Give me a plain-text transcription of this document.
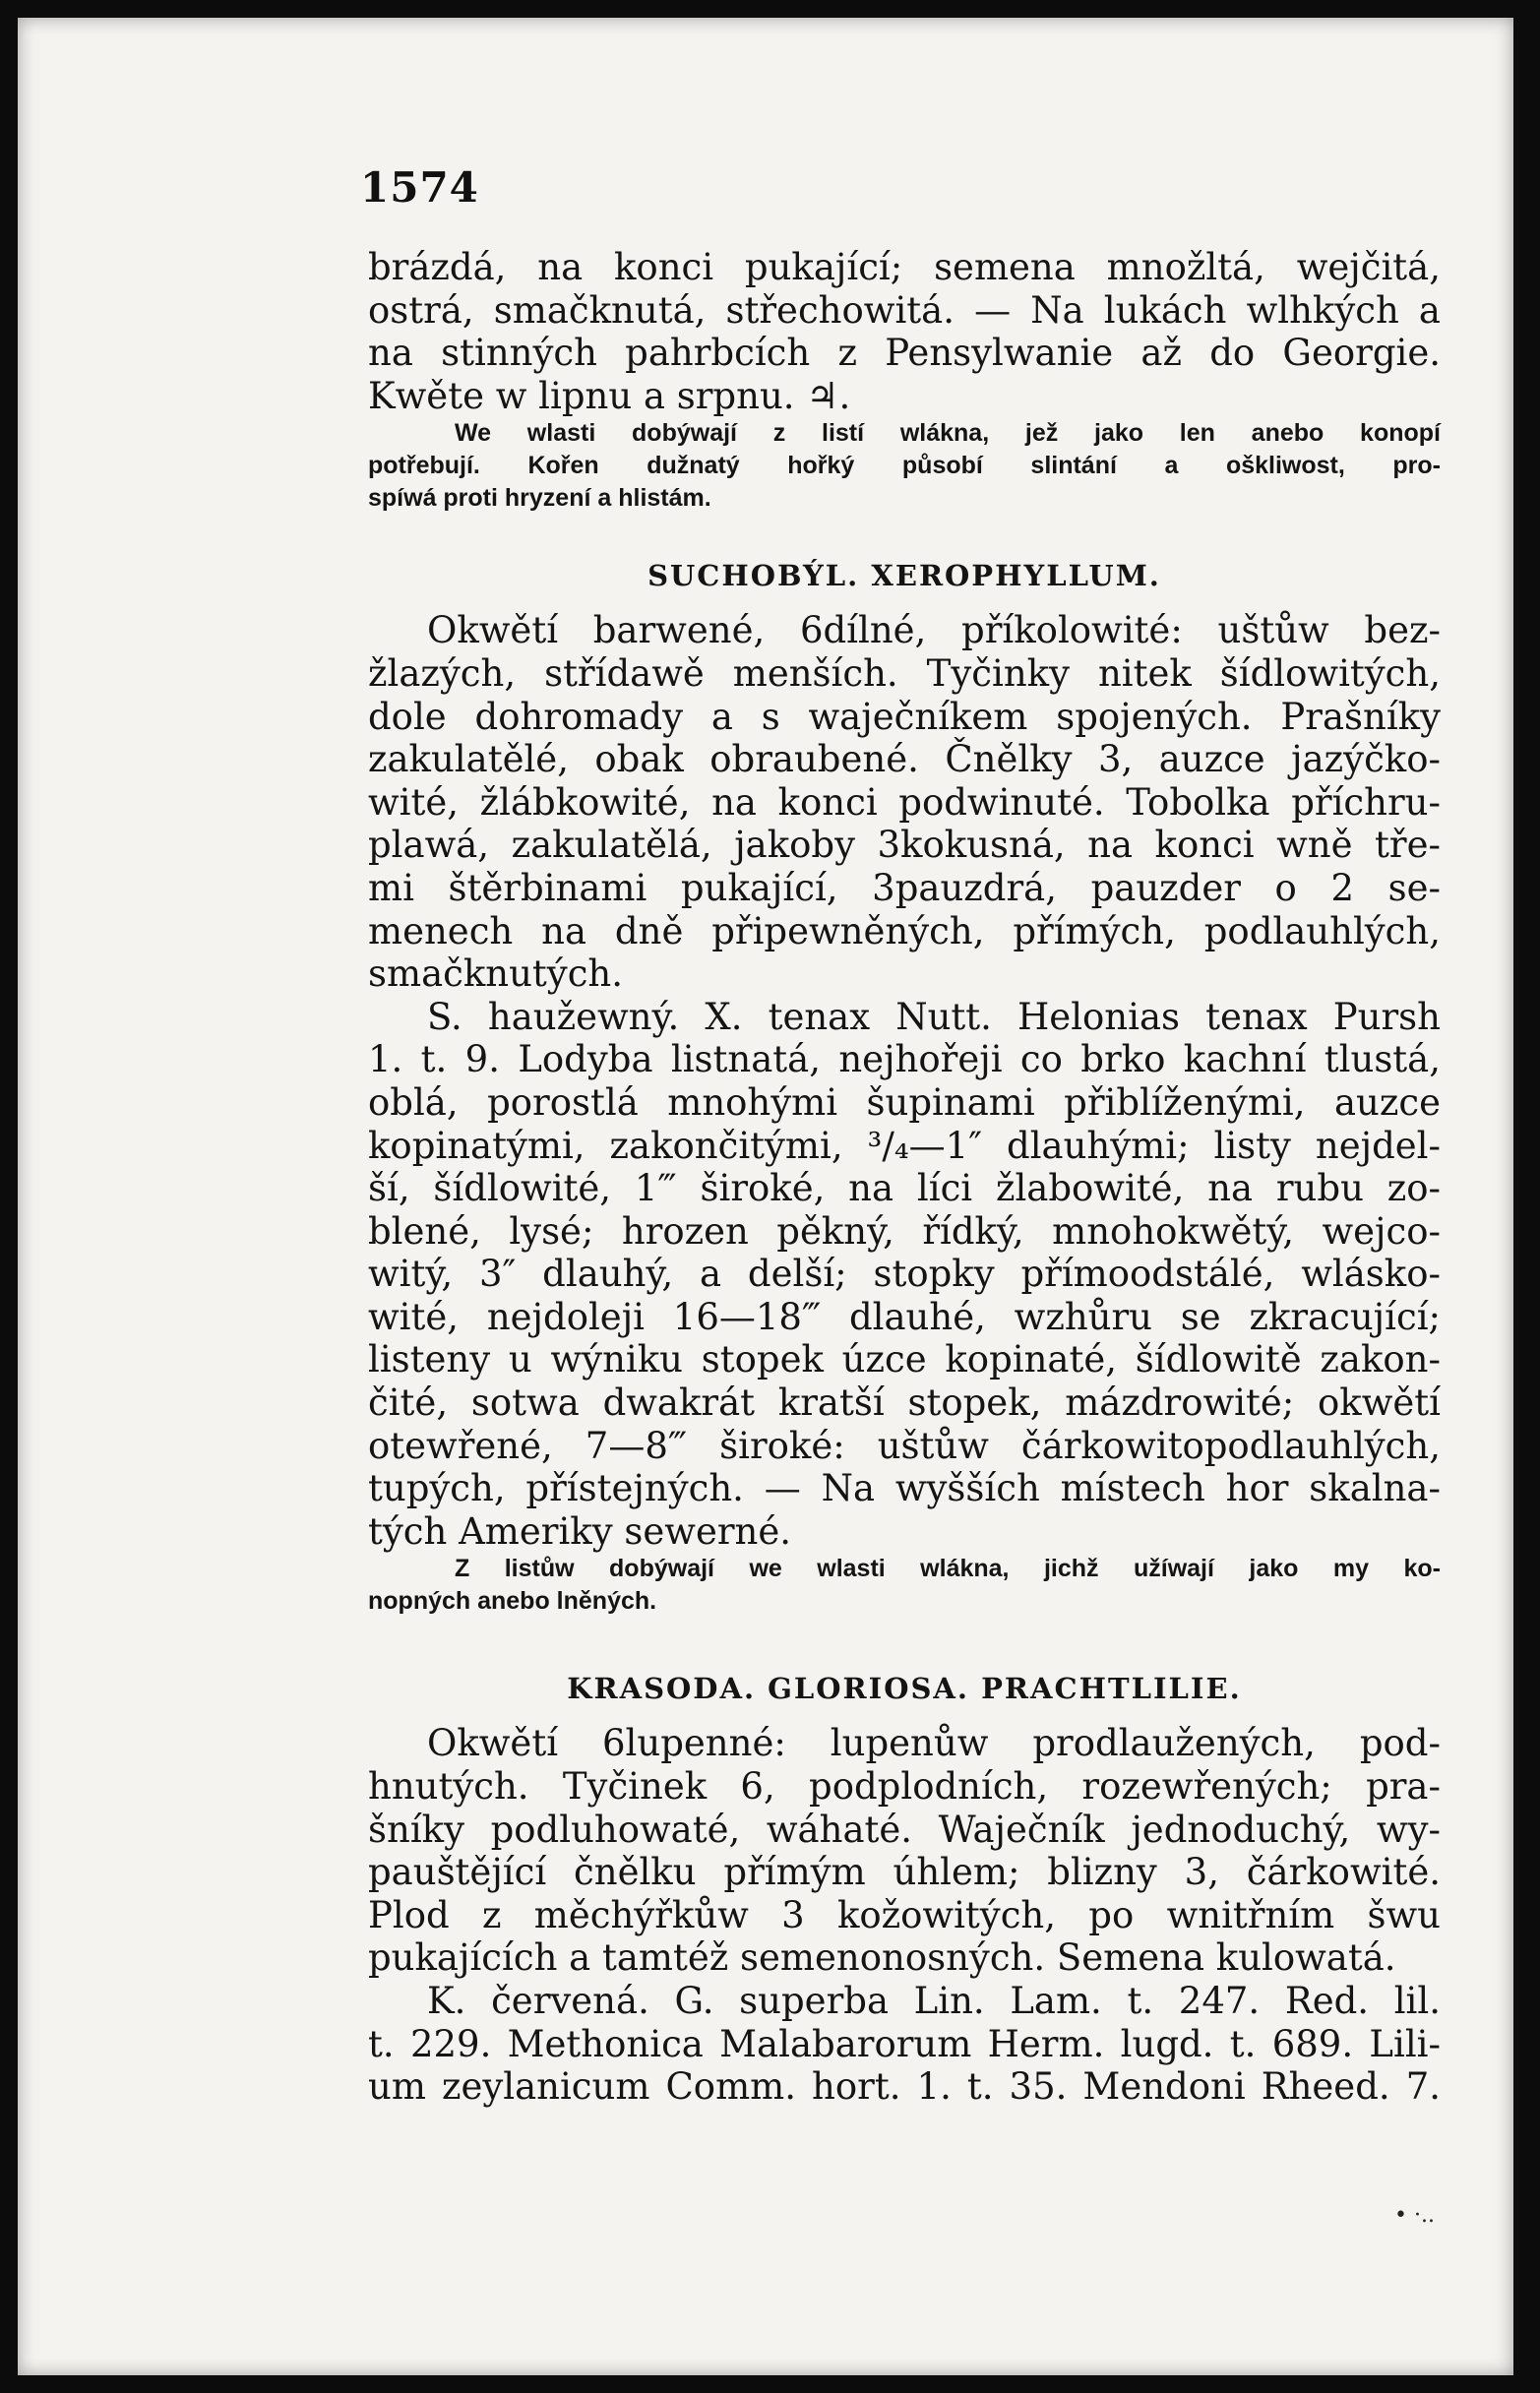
1574
brázdá, na konci pukající; semena množltá, wejčitá,
ostrá, smačknutá, střechowitá. — Na lukách wlhkých a
na stinných pahrbcích z Pensylwanie až do Georgie.
Kwěte w lipnu a srpnu. ♃.
We wlasti dobýwají z listí wlákna, jež jako len anebo konopí
potřebují. Kořen dužnatý hořký působí slintání a oškliwost, pro-
spíwá proti hryzení a hlistám.
SUCHOBÝL. XEROPHYLLUM.
Okwětí barwené, 6dílné, příkolowité: uštůw bez-
žlazých, střídawě menších. Tyčinky nitek šídlowitých,
dole dohromady a s waječníkem spojených. Prašníky
zakulatělé, obak obraubené. Čnělky 3, auzce jazýčko-
wité, žlábkowité, na konci podwinuté. Tobolka příchru-
plawá, zakulatělá, jakoby 3kokusná, na konci wně tře-
mi štěrbinami pukající, 3pauzdrá, pauzder o 2 se-
menech na dně připewněných, přímých, podlauhlých,
smačknutých.
S. haužewný. X. tenax Nutt. Helonias tenax Pursh
1. t. 9. Lodyba listnatá, nejhořeji co brko kachní tlustá,
oblá, porostlá mnohými šupinami přiblíženými, auzce
kopinatými, zakončitými, ³/₄—1″ dlauhými; listy nejdel-
ší, šídlowité, 1‴ široké, na líci žlabowité, na rubu zo-
blené, lysé; hrozen pěkný, řídký, mnohokwětý, wejco-
witý, 3″ dlauhý, a delší; stopky přímoodstálé, wlásko-
wité, nejdoleji 16—18‴ dlauhé, wzhůru se zkracující;
listeny u wýniku stopek úzce kopinaté, šídlowitě zakon-
čité, sotwa dwakrát kratší stopek, mázdrowité; okwětí
otewřené, 7—8‴ široké: uštůw čárkowitopodlauhlých,
tupých, přístejných. — Na wyšších místech hor skalna-
tých Ameriky sewerné.
Z listůw dobýwají we wlasti wlákna, jichž užíwají jako my ko-
nopných anebo lněných.
KRASODA. GLORIOSA. PRACHTLILIE.
Okwětí 6lupenné: lupenůw prodlaužených, pod-
hnutých. Tyčinek 6, podplodních, rozewřených; pra-
šníky podluhowaté, wáhaté. Waječník jednoduchý, wy-
pauštějící čnělku přímým úhlem; blizny 3, čárkowité.
Plod z měchýřkůw 3 kožowitých, po wnitřním šwu
pukajících a tamtéž semenonosných. Semena kulowatá.
K. červená. G. superba Lin. Lam. t. 247. Red. lil.
t. 229. Methonica Malabarorum Herm. lugd. t. 689. Lili-
um zeylanicum Comm. hort. 1. t. 35. Mendoni Rheed. 7.
• ·..
